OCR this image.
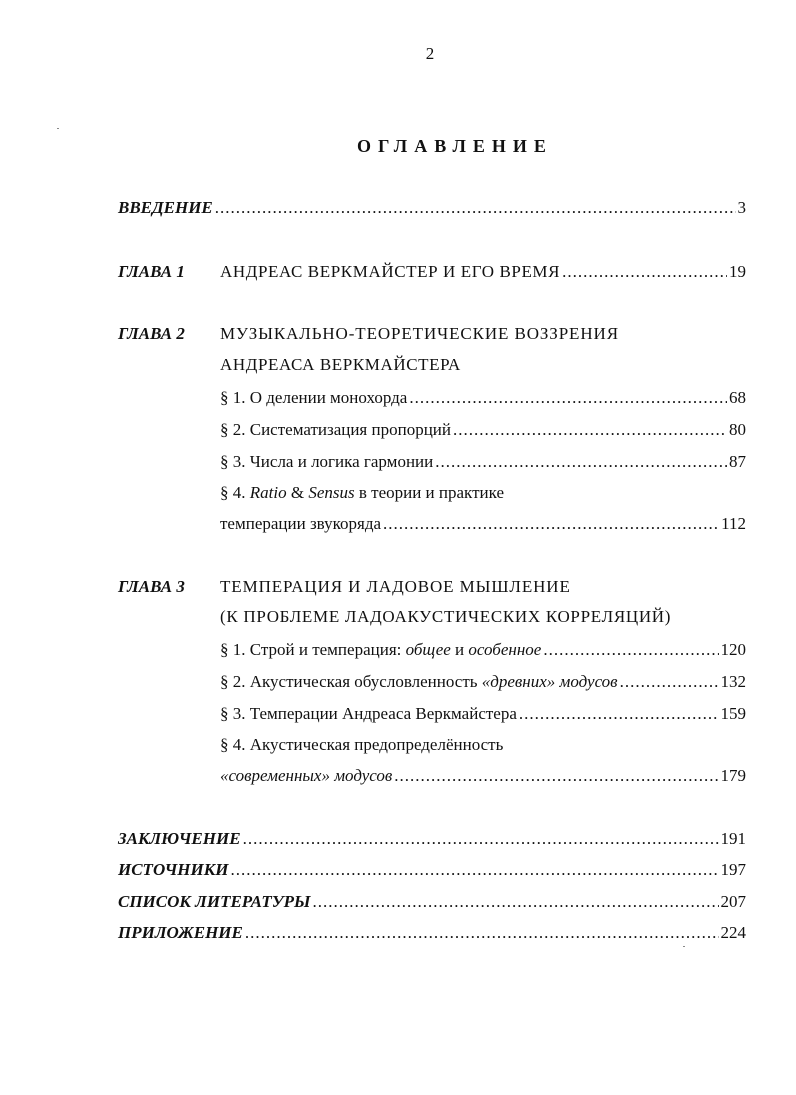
2
ОГЛАВЛЕНИЕ
ВВЕДЕНИЕ .....	3
ГЛАВА 1 АНДРЕАС ВЕРКМАЙСТЕР И ЕГО ВРЕМЯ .....	19
ГЛАВА 2 МУЗЫКАЛЬНО-ТЕОРЕТИЧЕСКИЕ ВОЗЗРЕНИЯ
АНДРЕАСА ВЕРКМАЙСТЕРА
§ 1. О делении монохорда .....	68
§ 2. Систематизация пропорций .....	80
§ 3. Числа и логика гармонии .....	87
§ 4. Ratio & Sensus в теории и практике
темперации звукоряда .....	112
ГЛАВА 3 ТЕМПЕРАЦИЯ И ЛАДОВОЕ МЫШЛЕНИЕ
(К ПРОБЛЕМЕ ЛАДОАКУСТИЧЕСКИХ КОРРЕЛЯЦИЙ)
§ 1. Строй и темперация: общее и особенное .....	120
§ 2. Акустическая обусловленность «древних» модусов .....	132
§ 3. Темперации Андреаса Веркмайстера .....	159
§ 4. Акустическая предопределённость
«современных» модусов .....	179
ЗАКЛЮЧЕНИЕ .....	191
ИСТОЧНИКИ .....	197
СПИСОК ЛИТЕРАТУРЫ .....	207
ПРИЛОЖЕНИЕ .....	224
